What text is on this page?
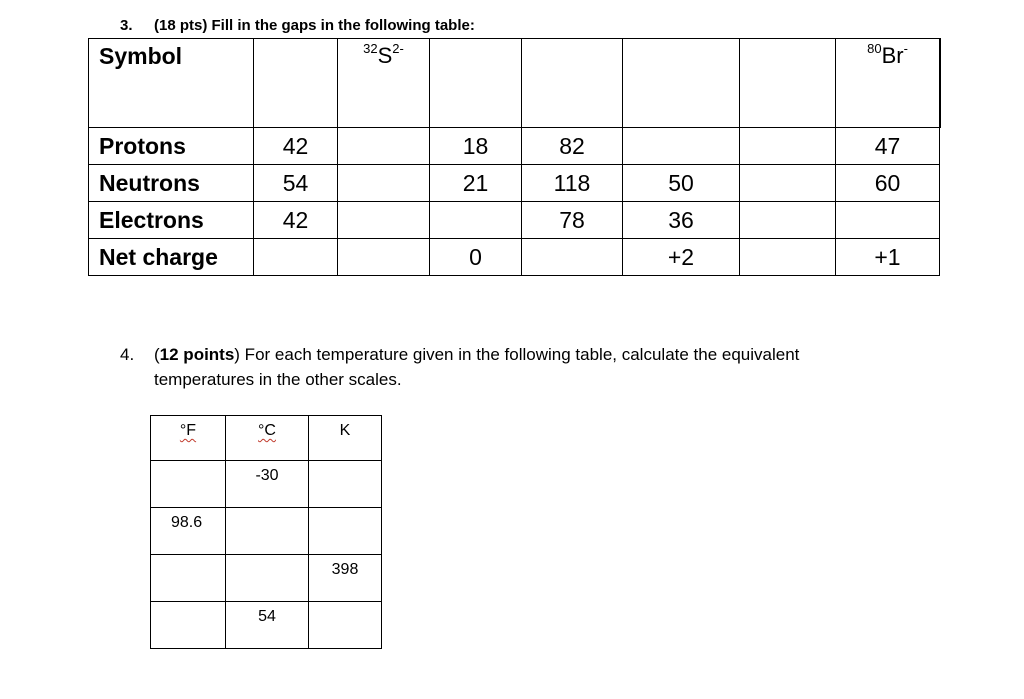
3. (18 pts) Fill in the gaps in the following table:
Symbol		$^{32}S^{2-}$					$^{80}$Br-	
Protons	42		18	82			47	
Neutrons	54		21	118	50		60	
Electrons	42			78	36			
Net charge			0		+2		+1	
4. (12 points) For each temperature given in the following table, calculate the equivalent temperatures in the other scales.
°F	°C	K
	-30	
98.6		
		398
	54	
